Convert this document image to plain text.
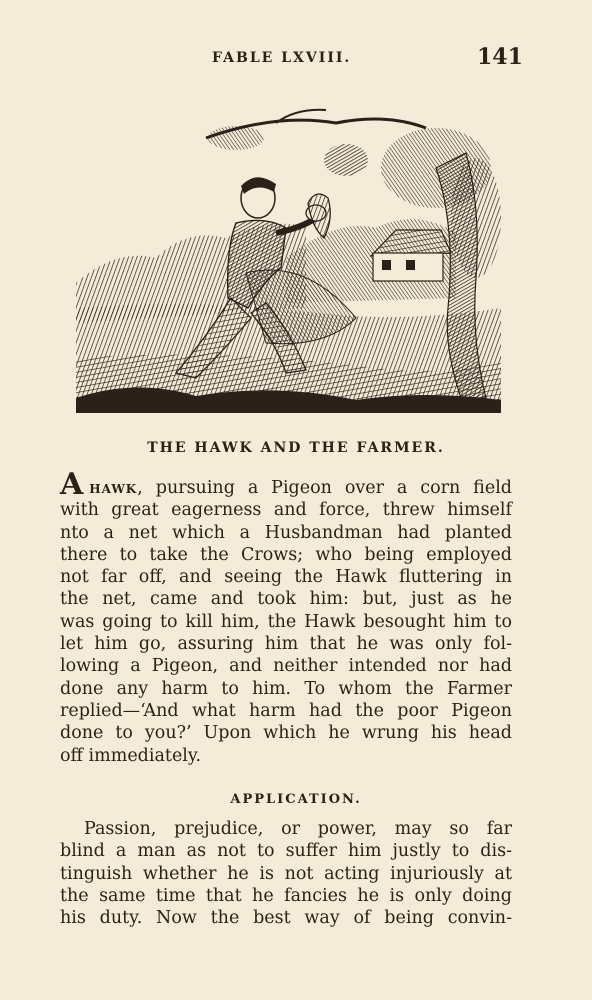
FABLE LXVIII.	141
THE HAWK AND THE FARMER.
Ahawk, pursuing a Pigeon over a corn field
with great eagerness and force, threw himself
nto a net which a Husbandman had planted
there to take the Crows; who being employed
not far off, and seeing the Hawk fluttering in
the net, came and took him: but, just as he
was going to kill him, the Hawk besought him to
let him go, assuring him that he was only fol-
lowing a Pigeon, and neither intended nor had
done any harm to him. To whom the Farmer
replied—‘And what harm had the poor Pigeon
done to you?’ Upon which he wrung his head
off immediately.
APPLICATION.
Passion, prejudice, or power, may so far
blind a man as not to suffer him justly to dis-
tinguish whether he is not acting injuriously at
the same time that he fancies he is only doing
his duty. Now the best way of being convin-
